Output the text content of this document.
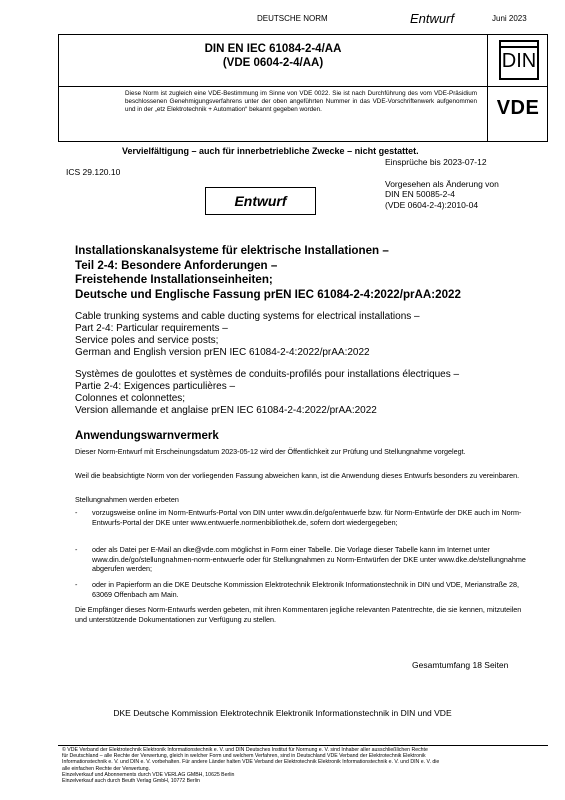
DEUTSCHE NORM	Entwurf	Juni 2023
DIN EN IEC 61084-2-4/AA
(VDE 0604-2-4/AA)
Diese Norm ist zugleich eine VDE-Bestimmung im Sinne von VDE 0022. Sie ist nach Durchführung des vom VDE-Präsidium beschlossenen Genehmigungsverfahrens unter der oben angeführten Nummer in das VDE-Vorschriftenwerk aufgenommen und in der „etz Elektrotechnik + Automation“ bekannt gegeben worden.
DIN
VDE
Vervielfältigung – auch für innerbetriebliche Zwecke – nicht gestattet.
Einsprüche bis 2023-07-12
ICS 29.120.10
Vorgesehen als Änderung von
DIN EN 50085-2-4
(VDE 0604-2-4):2010-04
Entwurf
Installationskanalsysteme für elektrische Installationen –
Teil 2-4: Besondere Anforderungen –
Freistehende Installationseinheiten;
Deutsche und Englische Fassung prEN IEC 61084-2-4:2022/prAA:2022
Cable trunking systems and cable ducting systems for electrical installations –
Part 2-4: Particular requirements –
Service poles and service posts;
German and English version prEN IEC 61084-2-4:2022/prAA:2022
Systèmes de goulottes et systèmes de conduits-profilés pour installations électriques –
Partie 2-4: Exigences particulières –
Colonnes et colonnettes;
Version allemande et anglaise prEN IEC 61084-2-4:2022/prAA:2022
Anwendungswarnvermerk
Dieser Norm-Entwurf mit Erscheinungsdatum 2023-05-12 wird der Öffentlichkeit zur Prüfung und Stellungnahme vorgelegt.
Weil die beabsichtigte Norm von der vorliegenden Fassung abweichen kann, ist die Anwendung dieses Entwurfs besonders zu vereinbaren.
Stellungnahmen werden erbeten
- vorzugsweise online im Norm-Entwurfs-Portal von DIN unter www.din.de/go/entwuerfe bzw. für Norm-Entwürfe der DKE auch im Norm-Entwurfs-Portal der DKE unter www.entwuerfe.normenbibliothek.de, sofern dort wiedergegeben;
- oder als Datei per E-Mail an dke@vde.com möglichst in Form einer Tabelle. Die Vorlage dieser Tabelle kann im Internet unter www.din.de/go/stellungnahmen-norm-entwuerfe oder für Stellungnahmen zu Norm-Entwürfen der DKE unter www.dke.de/stellungnahme abgerufen werden;
- oder in Papierform an die DKE Deutsche Kommission Elektrotechnik Elektronik Informationstechnik in DIN und VDE, Merianstraße 28, 63069 Offenbach am Main.
Die Empfänger dieses Norm-Entwurfs werden gebeten, mit ihren Kommentaren jegliche relevanten Patentrechte, die sie kennen, mitzuteilen und unterstützende Dokumentationen zur Verfügung zu stellen.
Gesamtumfang 18 Seiten
DKE Deutsche Kommission Elektrotechnik Elektronik Informationstechnik in DIN und VDE
© VDE Verband der Elektrotechnik Elektronik Informationstechnik e. V. und DIN Deutsches Institut für Normung e. V. sind Inhaber aller ausschließlichen Rechte
für Deutschland – alle Rechte der Verwertung, gleich in welcher Form und welchem Verfahren, sind in Deutschland VDE Verband der Elektrotechnik Elektronik
Informationstechnik e. V. und DIN e. V. vorbehalten. Für andere Länder halten VDE Verband der Elektrotechnik Elektronik Informationstechnik e. V. und DIN e. V. die
alle einfachen Rechte der Verwertung.
Einzelverkauf und Abonnements durch VDE VERLAG GMBH, 10625 Berlin
Einzelverkauf auch durch Beuth Verlag GmbH, 10772 Berlin
